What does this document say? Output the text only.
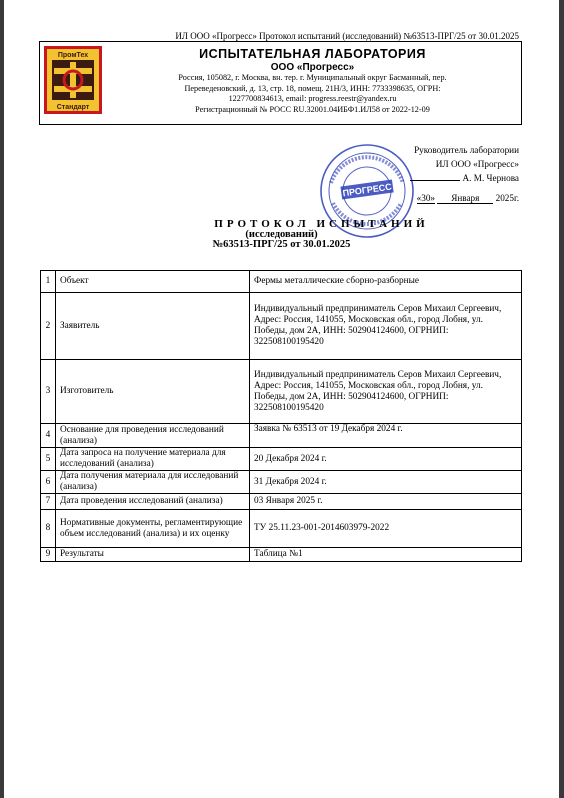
ИЛ ООО «Прогресс» Протокол испытаний (исследований) №63513-ПРГ/25 от 30.01.2025
ПромТех
Стандарт
ИСПЫТАТЕЛЬНАЯ ЛАБОРАТОРИЯ
ООО «Прогресс»
Россия, 105082, г. Москва, вн. тер. г. Муниципальный округ Басманный, пер.
Переведеновский, д. 13, стр. 18, помещ. 21Н/3, ИНН: 7733398635, ОГРН:
1227700834613, email: progress.reestr@yandex.ru
Регистрационный № РОСС RU.32001.04ИБФ1.ИЛ58 от 2022-12-09
ПРОГРЕСС
Руководитель лаборатории
ИЛ ООО «Прогресс»
А. М. Чернова
«30» Января 2025г.
ПРОТОКОЛ ИСПЫТАНИЙ
(исследований)
№63513-ПРГ/25 от 30.01.2025
1	Объект	Фермы металлические сборно-разборные
2	Заявитель	Индивидуальный предприниматель Серов Михаил Сергеевич, Адрес: Россия, 141055, Московская обл., город Лобня, ул. Победы, дом 2А, ИНН: 502904124600, ОГРНИП: 322508100195420
3	Изготовитель	Индивидуальный предприниматель Серов Михаил Сергеевич, Адрес: Россия, 141055, Московская обл., город Лобня, ул. Победы, дом 2А, ИНН: 502904124600, ОГРНИП: 322508100195420
4	Основание для проведения исследований (анализа)	Заявка № 63513 от 19 Декабря 2024 г.
5	Дата запроса на получение материала для исследований (анализа)	20 Декабря 2024 г.
6	Дата получения материала для исследований (анализа)	31 Декабря 2024 г.
7	Дата проведения исследований (анализа)	03 Января 2025 г.
8	Нормативные документы, регламентирующие объем исследований (анализа) и их оценку	ТУ 25.11.23-001-2014603979-2022
9	Результаты	Таблица №1
